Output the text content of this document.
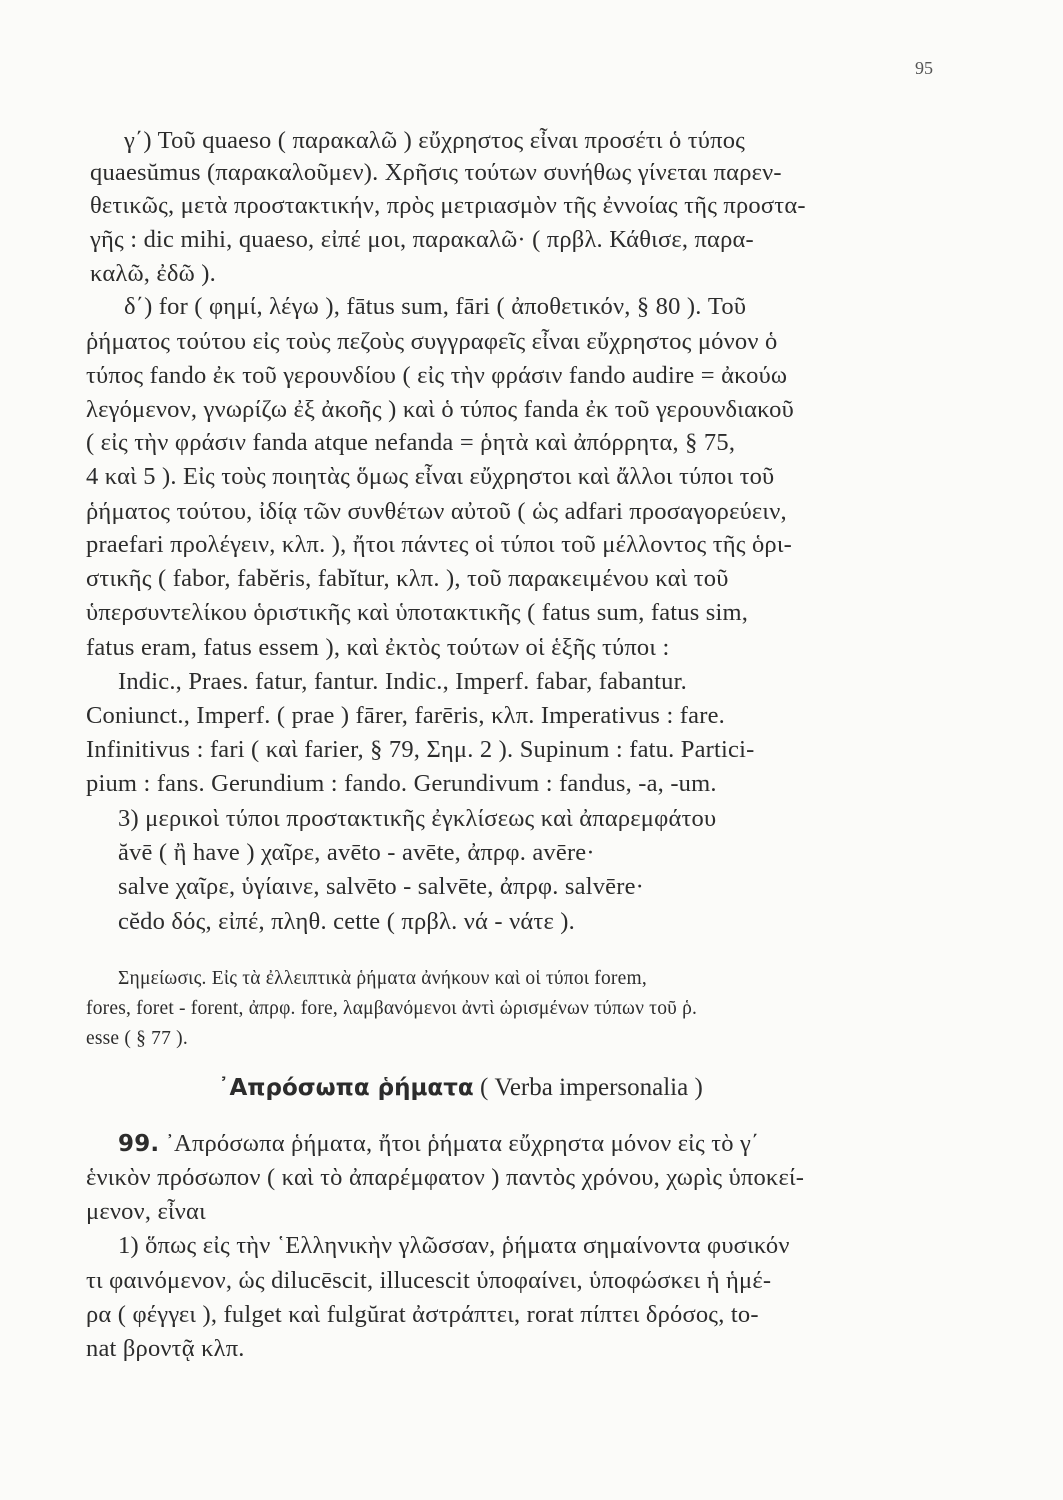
95
γ΄) Τοῦ quaeso ( παρακαλῶ ) εὔχρηστος εἶναι προσέτι ὁ τύπος
quaesŭmus (παρακαλοῦμεν). Χρῆσις τούτων συνήθως γίνεται παρεν-
θετικῶς, μετὰ προστακτικήν, πρὸς μετριασμὸν τῆς ἐννοίας τῆς προστα-
γῆς : dic mihi, quaeso, εἰπέ μοι, παρακαλῶ· ( πρβλ. Κάθισε, παρα-
καλῶ, ἐδῶ ).
δ΄) for ( φημί, λέγω ), fātus sum, fāri ( ἀποθετικόν, § 80 ). Τοῦ
ῥήματος τούτου εἰς τοὺς πεζοὺς συγγραφεῖς εἶναι εὔχρηστος μόνον ὁ
τύπος fando ἐκ τοῦ γερουνδίου ( εἰς τὴν φράσιν fando audire = ἀκούω
λεγόμενον, γνωρίζω ἐξ ἀκοῆς ) καὶ ὁ τύπος fanda ἐκ τοῦ γερουνδιακοῦ
( εἰς τὴν φράσιν fanda atque nefanda = ῥητὰ καὶ ἀπόρρητα, § 75,
4 καὶ 5 ). Εἰς τοὺς ποιητὰς ὅμως εἶναι εὔχρηστοι καὶ ἄλλοι τύποι τοῦ
ῥήματος τούτου, ἰδίᾳ τῶν συνθέτων αὐτοῦ ( ὡς adfari προσαγορεύειν,
praefari προλέγειν, κλπ. ), ἤτοι πάντες οἱ τύποι τοῦ μέλλοντος τῆς ὁρι-
στικῆς ( fabor, fabĕris, fabĭtur, κλπ. ), τοῦ παρακειμένου καὶ τοῦ
ὑπερσυντελίκου ὁριστικῆς καὶ ὑποτακτικῆς ( fatus sum, fatus sim,
fatus eram, fatus essem ), καὶ ἐκτὸς τούτων οἱ ἑξῆς τύποι :
Indic., Praes. fatur, fantur. Indic., Imperf. fabar, fabantur.
Coniunct., Imperf. ( prae ) fārer, farēris, κλπ. Imperativus : fare.
Infinitivus : fari ( καὶ farier, § 79, Σημ. 2 ). Supinum : fatu. Partici-
pium : fans. Gerundium : fando. Gerundivum : fandus, -a, -um.
3) μερικοὶ τύποι προστακτικῆς ἐγκλίσεως καὶ ἀπαρεμφάτου
ăvē ( ἢ have ) χαῖρε, avēto - avēte, ἀπρφ. avēre·
salve χαῖρε, ὑγίαινε, salvēto - salvēte, ἀπρφ. salvēre·
cĕdo δός, εἰπέ, πληθ. cette ( πρβλ. νά - νάτε ).
Σημείωσις. Εἰς τὰ ἐλλειπτικὰ ῥήματα ἀνήκουν καὶ οἱ τύποι forem,
fores, foret - forent, ἀπρφ. fore, λαμβανόμενοι ἀντὶ ὡρισμένων τύπων τοῦ ῥ.
esse ( § 77 ).
᾿Απρόσωπα ῥήματα ( Verba impersonalia )
99. ᾿Απρόσωπα ῥήματα, ἤτοι ῥήματα εὔχρηστα μόνον εἰς τὸ γ΄
ἑνικὸν πρόσωπον ( καὶ τὸ ἀπαρέμφατον ) παντὸς χρόνου, χωρὶς ὑποκεί-
μενον, εἶναι
1) ὅπως εἰς τὴν ῾Ελληνικὴν γλῶσσαν, ῥήματα σημαίνοντα φυσικόν
τι φαινόμενον, ὡς dilucēscit, illucescit ὑποφαίνει, ὑποφώσκει ἡ ἡμέ-
ρα ( φέγγει ), fulget καὶ fulgŭrat ἀστράπτει, rorat πίπτει δρόσος, to-
nat βροντᾷ κλπ.
